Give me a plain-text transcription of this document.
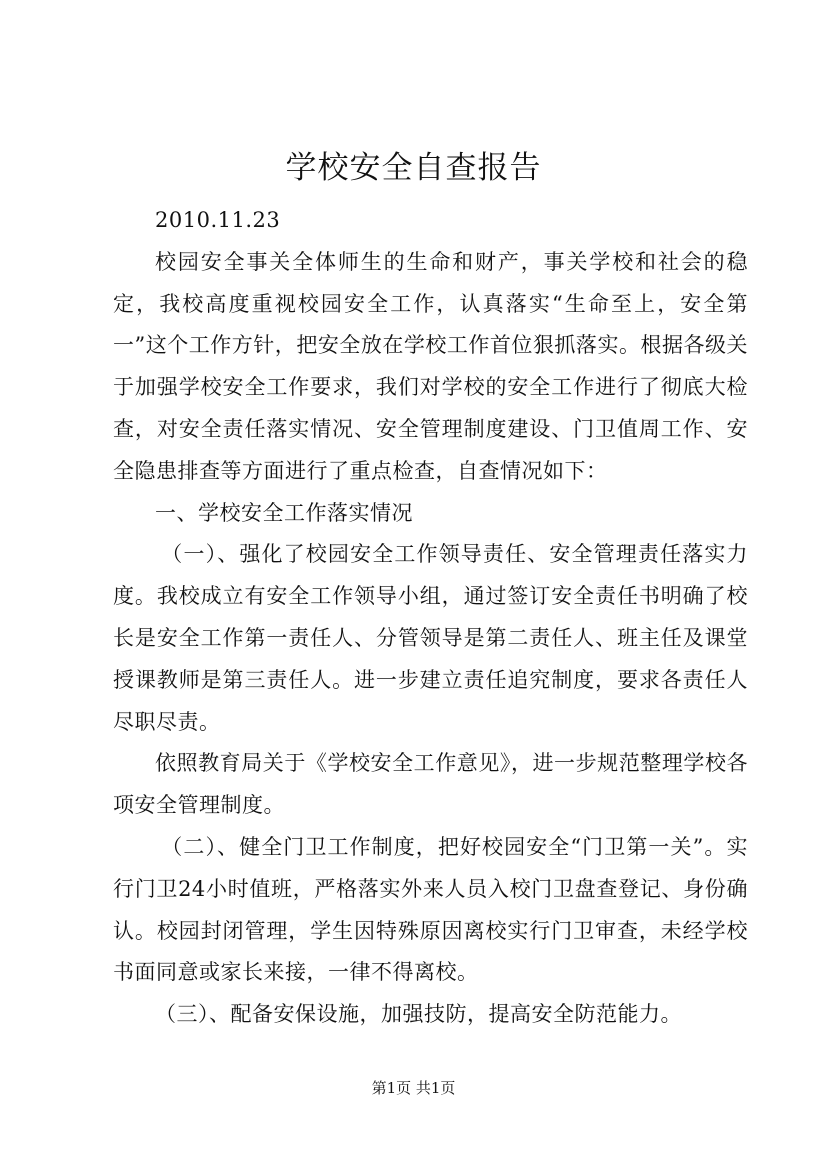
学校安全自查报告

2010.11.23

校园安全事关全体师生的生命和财产，事关学校和社会的稳定，我校高度重视校园安全工作，认真落实“生命至上，安全第一”这个工作方针，把安全放在学校工作首位狠抓落实。根据各级关于加强学校安全工作要求，我们对学校的安全工作进行了彻底大检查，对安全责任落实情况、安全管理制度建设、门卫值周工作、安全隐患排查等方面进行了重点检查，自查情况如下：

一、学校安全工作落实情况

（一）、强化了校园安全工作领导责任、安全管理责任落实力度。我校成立有安全工作领导小组，通过签订安全责任书明确了校长是安全工作第一责任人、分管领导是第二责任人、班主任及课堂授课教师是第三责任人。进一步建立责任追究制度，要求各责任人尽职尽责。

依照教育局关于《学校安全工作意见》，进一步规范整理学校各项安全管理制度。

（二）、健全门卫工作制度，把好校园安全“门卫第一关”。实行门卫24小时值班，严格落实外来人员入校门卫盘查登记、身份确认。校园封闭管理，学生因特殊原因离校实行门卫审查，未经学校书面同意或家长来接，一律不得离校。

（三）、配备安保设施，加强技防，提高安全防范能力。

第1页 共1页
